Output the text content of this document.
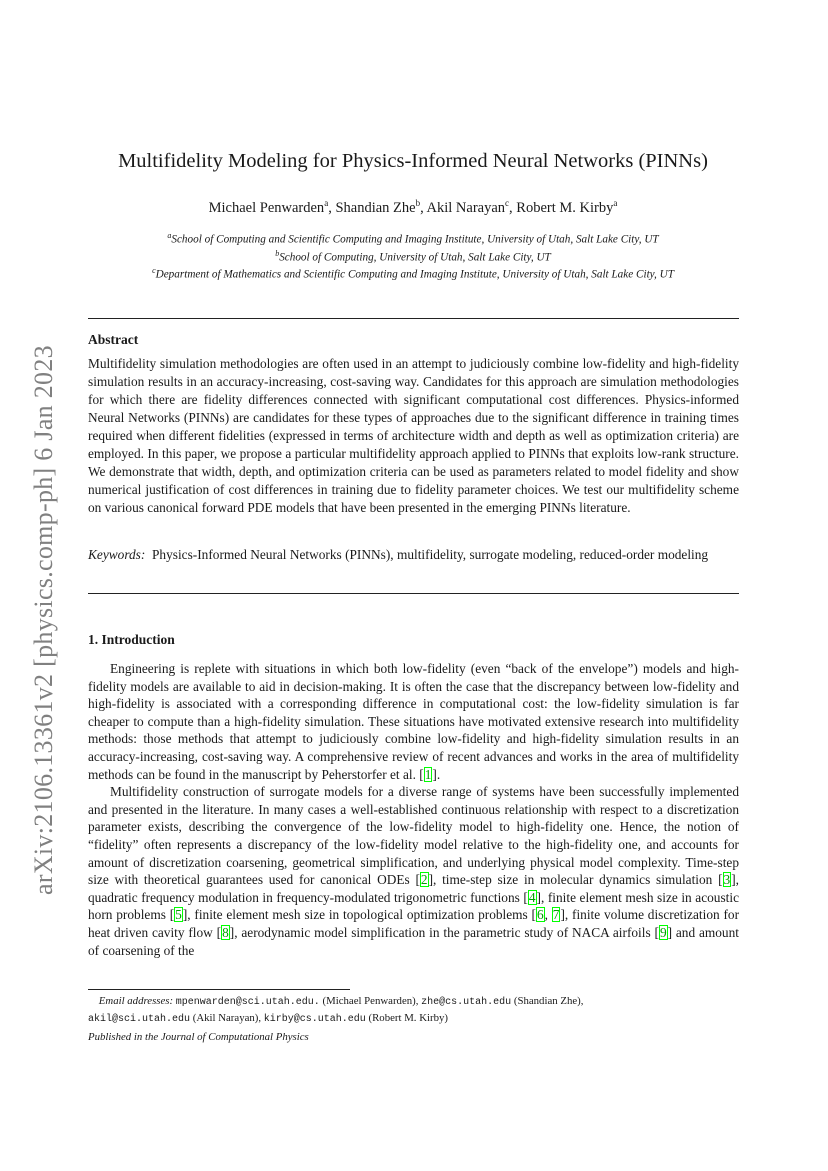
arXiv:2106.13361v2 [physics.comp-ph] 6 Jan 2023
Multifidelity Modeling for Physics-Informed Neural Networks (PINNs)
Michael Penwarden$^a$, Shandian Zhe$^b$, Akil Narayan$^c$, Robert M. Kirby$^a$
$^a$School of Computing and Scientific Computing and Imaging Institute, University of Utah, Salt Lake City, UT
$^b$School of Computing, University of Utah, Salt Lake City, UT
$^c$Department of Mathematics and Scientific Computing and Imaging Institute, University of Utah, Salt Lake City, UT
Abstract
Multifidelity simulation methodologies are often used in an attempt to judiciously combine low-fidelity and high-fidelity simulation results in an accuracy-increasing, cost-saving way. Candidates for this approach are simulation methodologies for which there are fidelity differences connected with significant computational cost differences. Physics-informed Neural Networks (PINNs) are candidates for these types of approaches due to the significant difference in training times required when different fidelities (expressed in terms of architecture width and depth as well as optimization criteria) are employed. In this paper, we propose a particular multifidelity approach applied to PINNs that exploits low-rank structure. We demonstrate that width, depth, and optimization criteria can be used as parameters related to model fidelity and show numerical justification of cost differences in training due to fidelity parameter choices. We test our multifidelity scheme on various canonical forward PDE models that have been presented in the emerging PINNs literature.
Keywords: Physics-Informed Neural Networks (PINNs), multifidelity, surrogate modeling, reduced-order modeling
1. Introduction

Engineering is replete with situations in which both low-fidelity (even “back of the envelope”) models and high-fidelity models are available to aid in decision-making. It is often the case that the discrepancy between low-fidelity and high-fidelity is associated with a corresponding difference in computational cost: the low-fidelity simulation is far cheaper to compute than a high-fidelity simulation. These situations have motivated extensive research into multifidelity methods: those methods that attempt to judiciously combine low-fidelity and high-fidelity simulation results in an accuracy-increasing, cost-saving way. A comprehensive review of recent advances and works in the area of multifidelity methods can be found in the manuscript by Peherstorfer et al. [1].

Multifidelity construction of surrogate models for a diverse range of systems have been successfully implemented and presented in the literature. In many cases a well-established continuous relationship with respect to a discretization parameter exists, describing the convergence of the low-fidelity model to high-fidelity one. Hence, the notion of “fidelity” often represents a discrepancy of the low-fidelity model relative to the high-fidelity one, and accounts for amount of discretization coarsening, geometrical simplification, and underlying physical model complexity. Time-step size with theoretical guarantees used for canonical ODEs [2], time-step size in molecular dynamics simulation [3], quadratic frequency modulation in frequency-modulated trigonometric functions [4], finite element mesh size in acoustic horn problems [5], finite element mesh size in topological optimization problems [6, 7], finite volume discretization for heat driven cavity flow [8], aerodynamic model simplification in the parametric study of NACA airfoils [9] and amount of coarsening of the

Email addresses: mpenwarden@sci.utah.edu. (Michael Penwarden), zhe@cs.utah.edu (Shandian Zhe),
akil@sci.utah.edu (Akil Narayan), kirby@cs.utah.edu (Robert M. Kirby)
Published in the Journal of Computational Physics
